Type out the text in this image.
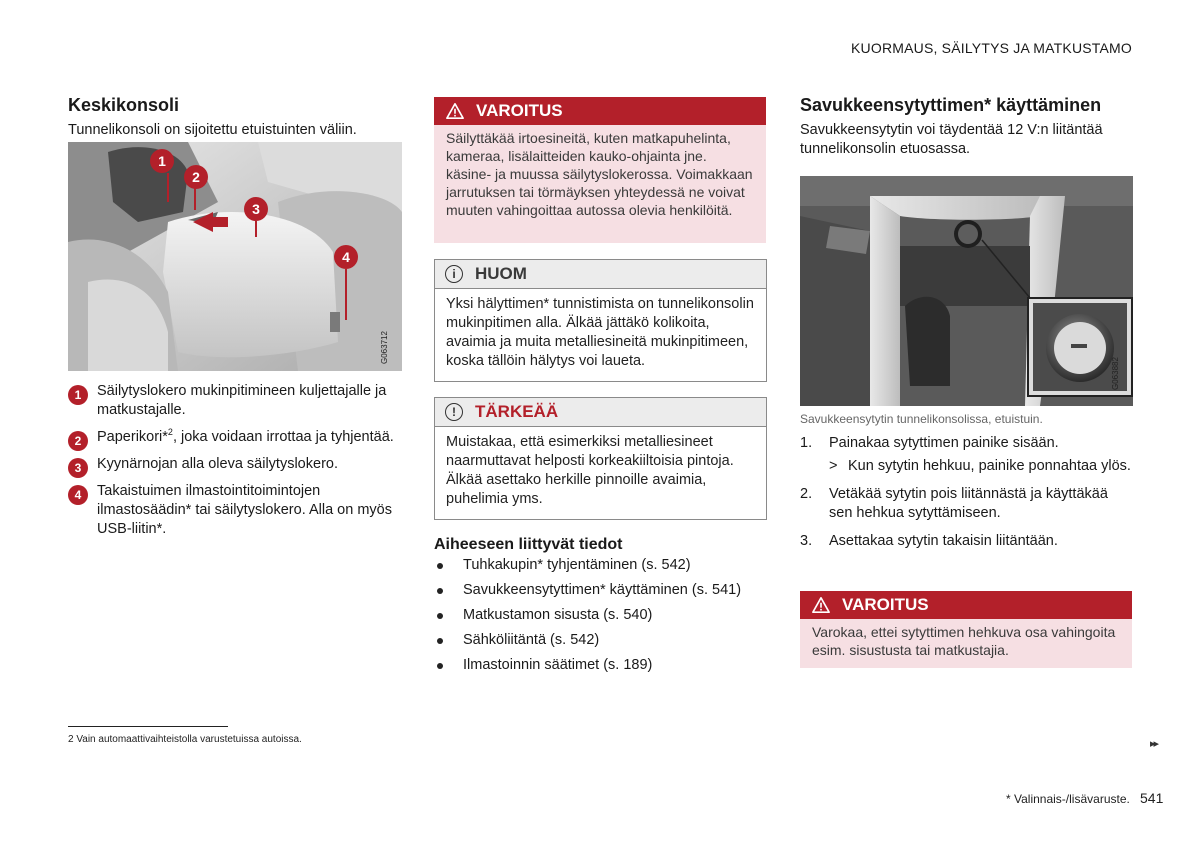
KUORMAUS, SÄILYTYS JA MATKUSTAMO
Keskikonsoli

Tunnelikonsoli on sijoitettu etuistuinten väliin.

1
2
3
4
G063712
1	Säilytyslokero mukinpitimineen kuljettajalle ja matkustajalle.
2	Paperikori*$^2$, joka voidaan irrottaa ja tyhjentää.
3	Kyynärnojan alla oleva säilytyslokero.
4	Takaistuimen ilmastointitoimintojen ilmastosäädin* tai säilytyslokero. Alla on myös USB-liitin*.
VAROITUS
Säilyttäkää irtoesineitä, kuten matkapuhelinta, kameraa, lisälaitteiden kauko-ohjainta jne. käsine- ja muussa säilytyslokerossa. Voimakkaan jarrutuksen tai törmäyksen yhteydessä ne voivat muuten vahingoittaa autossa olevia henkilöitä.
i	HUOM
Yksi hälyttimen* tunnistimista on tunnelikonsolin mukinpitimen alla. Älkää jättäkö kolikoita, avaimia ja muita metalliesineitä mukinpitimeen, koska tällöin hälytys voi laueta.
!	TÄRKEÄÄ
Muistakaa, että esimerkiksi metalliesineet naarmuttavat helposti korkeakiiltoisia pintoja. Älkää asettako herkille pinnoille avaimia, puhelimia yms.
Aiheeseen liittyvät tiedot
Tuhkakupin* tyhjentäminen (s. 542)
Savukkeensytyttimen* käyttäminen (s. 541)
Matkustamon sisusta (s. 540)
Sähköliitäntä (s. 542)
Ilmastoinnin säätimet (s. 189)
Savukkeensytyttimen* käyttäminen

Savukkeensytytin voi täydentää 12 V:n liitäntää tunnelikonsolin etuosassa.

G063882
Savukkeensytytin tunnelikonsolissa, etuistuin.
1. Painakaa sytyttimen painike sisään.
> Kun sytytin hehkuu, painike ponnahtaa ylös.
2. Vetäkää sytytin pois liitännästä ja käyttäkää sen hehkua sytyttämiseen.
3. Asettakaa sytytin takaisin liitäntään.
VAROITUS
Varokaa, ettei sytyttimen hehkuva osa vahingoita esim. sisustusta tai matkustajia.
2 Vain automaattivaihteistolla varustetuissa autoissa.	▸▸
* Valinnais-/lisävaruste. 541
